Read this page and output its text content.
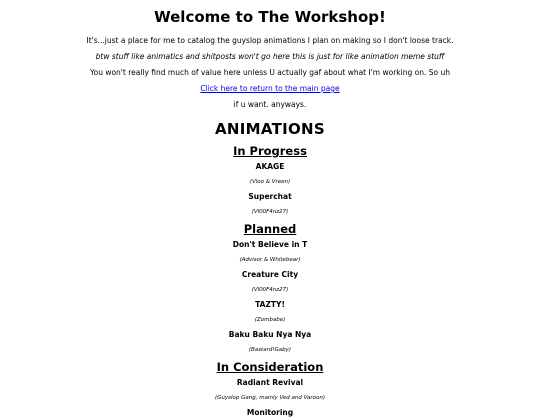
Welcome to The Workshop!

It's...just a place for me to catalog the guyslop animations I plan on making so I don't loose track.

btw stuff like animatics and shitposts won't go here this is just for like animation meme stuff

You won't really find much of value here unless U actually gaf about what I'm working on. So uh

Click here to return to the main page

if u want. anyways.

ANIMATIONS
In Progress
AKAGE
(Vloo & Vreen)
Superchat
(Vl00F4nz27)
Planned
Don't Believe in T
(Advisor & Whitebear)
Creature City
(Vl00F4nz27)
TAZTY!
(Zombabe)
Baku Baku Nya Nya
(Bastard!Gaby)
In Consideration
Radiant Revival
(Guyslop Gang, mainly Ved and Varoon)
Monitoring
